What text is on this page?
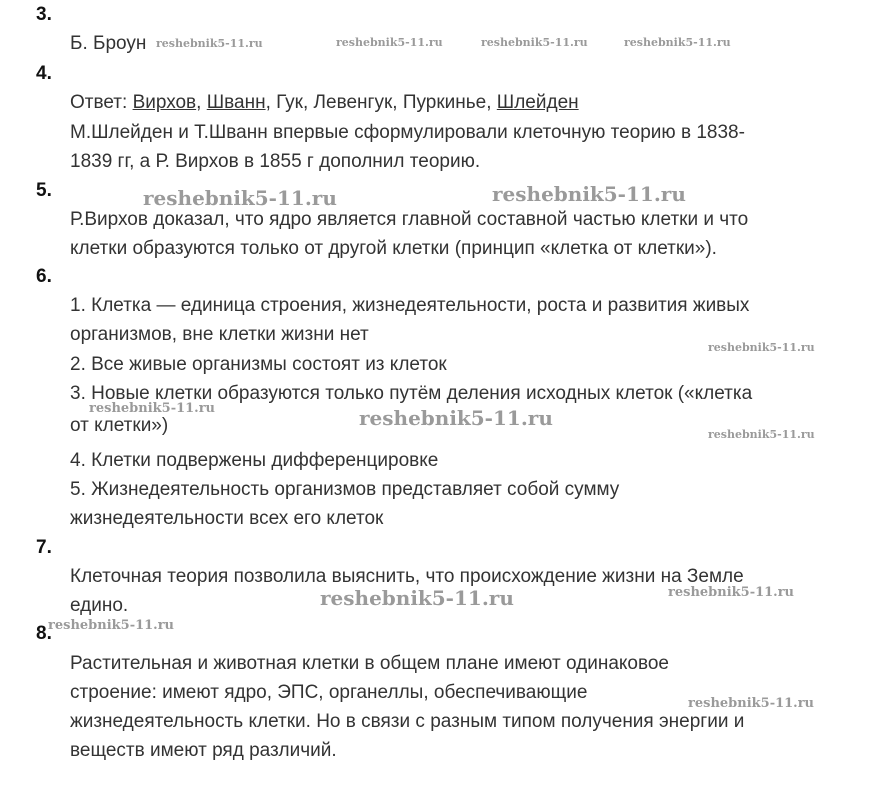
3.
Б. Броун
4.
Ответ: Вирхов, Шванн, Гук, Левенгук, Пуркинье, Шлейден
М.Шлейден и Т.Шванн впервые сформулировали клеточную теорию в 1838-
1839 гг, а Р. Вирхов в 1855 г дополнил теорию.
5.
Р.Вирхов доказал, что ядро является главной составной частью клетки и что
клетки образуются только от другой клетки (принцип «клетка от клетки»).
6.
1. Клетка — единица строения, жизнедеятельности, роста и развития живых
организмов, вне клетки жизни нет
2. Все живые организмы состоят из клеток
3. Новые клетки образуются только путём деления исходных клеток («клетка
от клетки»)
4. Клетки подвержены дифференцировке
5. Жизнедеятельность организмов представляет собой сумму
жизнедеятельности всех его клеток
7.
Клеточная теория позволила выяснить, что происхождение жизни на Земле
едино.
8.
Растительная и животная клетки в общем плане имеют одинаковое
строение: имеют ядро, ЭПС, органеллы, обеспечивающие
жизнедеятельность клетки. Но в связи с разным типом получения энергии и
веществ имеют ряд различий.
reshebnik5-11.ru	reshebnik5-11.ru	reshebnik5-11.ru	reshebnik5-11.ru
reshebnik5-11.ru	reshebnik5-11.ru
reshebnik5-11.ru
reshebnik5-11.ru	reshebnik5-11.ru
reshebnik5-11.ru
reshebnik5-11.ru	reshebnik5-11.ru
reshebnik5-11.ru
reshebnik5-11.ru
